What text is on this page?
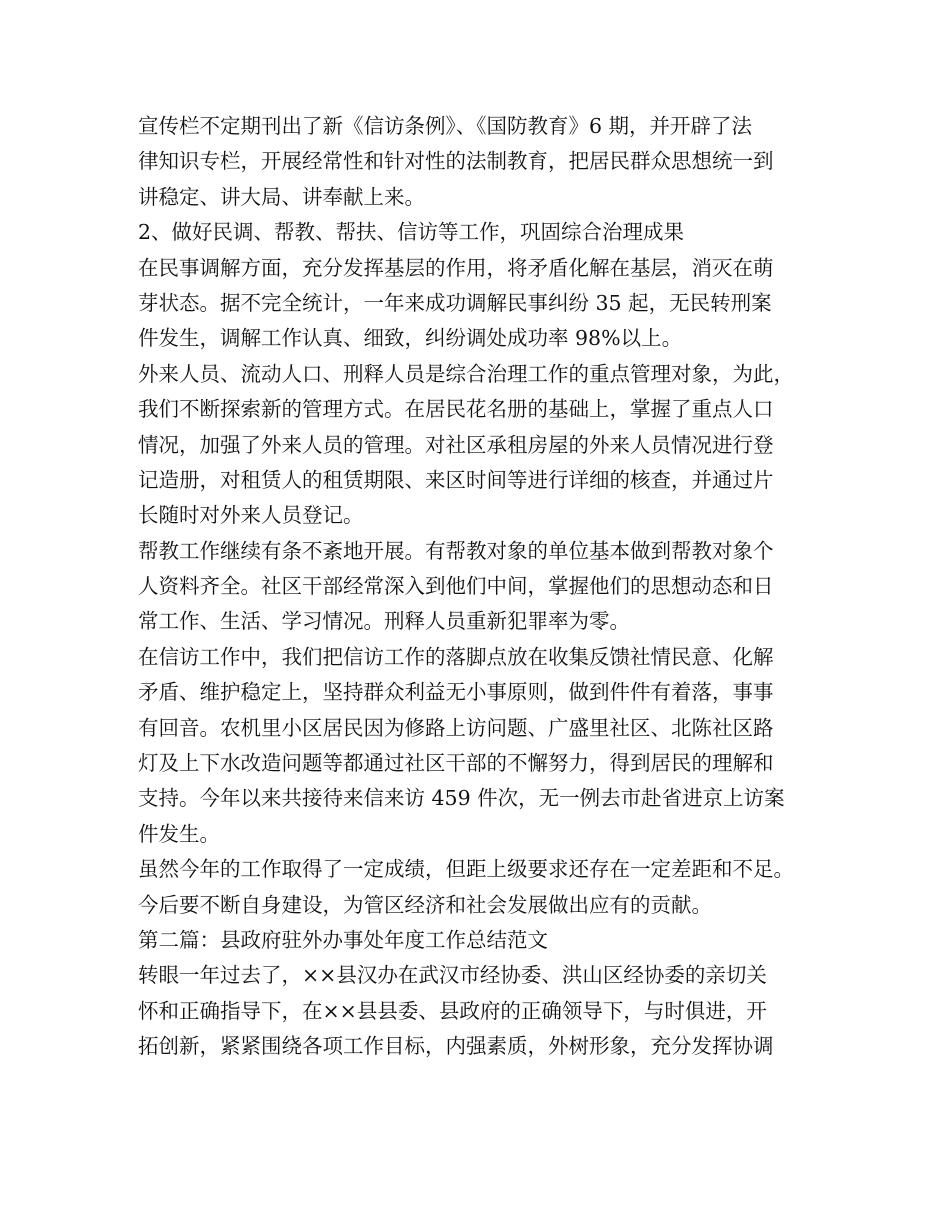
宣传栏不定期刊出了新《信访条例》、《国防教育》6 期，并开辟了法
律知识专栏，开展经常性和针对性的法制教育，把居民群众思想统一到
讲稳定、讲大局、讲奉献上来。
2、做好民调、帮教、帮扶、信访等工作，巩固综合治理成果
在民事调解方面，充分发挥基层的作用，将矛盾化解在基层，消灭在萌
芽状态。据不完全统计，一年来成功调解民事纠纷 35 起，无民转刑案
件发生，调解工作认真、细致，纠纷调处成功率 98%以上。
外来人员、流动人口、刑释人员是综合治理工作的重点管理对象，为此，
我们不断探索新的管理方式。在居民花名册的基础上，掌握了重点人口
情况，加强了外来人员的管理。对社区承租房屋的外来人员情况进行登
记造册，对租赁人的租赁期限、来区时间等进行详细的核查，并通过片
长随时对外来人员登记。
帮教工作继续有条不紊地开展。有帮教对象的单位基本做到帮教对象个
人资料齐全。社区干部经常深入到他们中间，掌握他们的思想动态和日
常工作、生活、学习情况。刑释人员重新犯罪率为零。
在信访工作中，我们把信访工作的落脚点放在收集反馈社情民意、化解
矛盾、维护稳定上，坚持群众利益无小事原则，做到件件有着落，事事
有回音。农机里小区居民因为修路上访问题、广盛里社区、北陈社区路
灯及上下水改造问题等都通过社区干部的不懈努力，得到居民的理解和
支持。今年以来共接待来信来访 459 件次，无一例去市赴省进京上访案
件发生。
虽然今年的工作取得了一定成绩，但距上级要求还存在一定差距和不足。
今后要不断自身建设，为管区经济和社会发展做出应有的贡献。
第二篇：县政府驻外办事处年度工作总结范文
转眼一年过去了，××县汉办在武汉市经协委、洪山区经协委的亲切关
怀和正确指导下，在××县县委、县政府的正确领导下，与时俱进，开
拓创新，紧紧围绕各项工作目标，内强素质，外树形象，充分发挥协调
